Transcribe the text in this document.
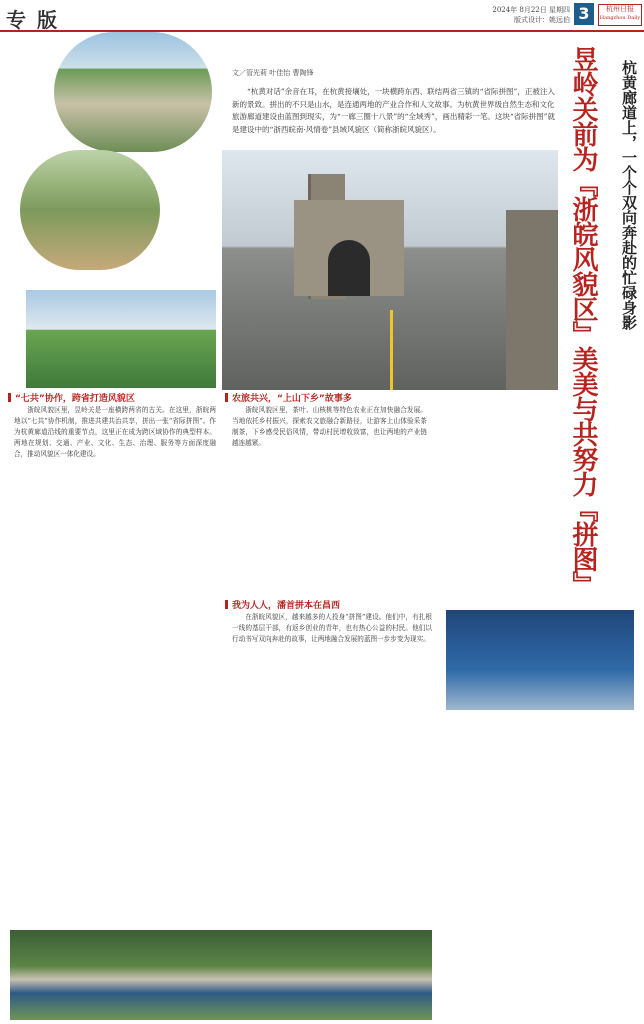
专 版	2024年 8月22日 星期四
版式设计：姚远伯 3	杭州日报
Hangzhou Daily
文／管光莉 叶佳怡 曹陶锋
“杭黄对话”余音在耳，在杭黄接壤处，一块横跨东西、联结两省三镇的“省际拼图”，正被注入新的景致。拼出的不只是山水，是连通两地的产业合作和人文故事。为杭黄世界级自然生态和文化旅游廊道建设由蓝图到现实，为“一廊三圈十八景”的“全域秀”，画出精彩一笔。这块“省际拼图”就是建设中的“浙西皖南·风情卷”县域风貌区（简称浙皖风貌区）。	昱岭关前为『浙皖风貌区』美美与共努力『拼图』	杭黄廊道上，一个个双向奔赴的忙碌身影
“七共”协作，跨省打造风貌区
浙皖风貌区里，昱岭关是一座横跨两省的古关。在这里，浙皖两地以“七共”协作机制，推进共建共治共享，拼出一张“省际拼图”。作为杭黄廊道沿线的重要节点，这里正在成为跨区域协作的典型样本。两地在规划、交通、产业、文化、生态、治理、服务等方面深度融合，推动风貌区一体化建设。
农旅共兴，“上山下乡”故事多
浙皖风貌区里，茶叶、山核桃等特色农业正在加快融合发展。当地依托乡村振兴，探索农文旅融合新路径，让游客上山体验采茶制茶，下乡感受民俗风情，带动村民增收致富，也让两地的产业链越连越紧。
我为人人，潘首拼本在昌西
在浙皖风貌区，越来越多的人投身“拼图”建设。他们中，有扎根一线的基层干部，有返乡创业的青年，也有热心公益的村民。他们以行动书写双向奔赴的故事，让两地融合发展的蓝图一步步变为现实。
